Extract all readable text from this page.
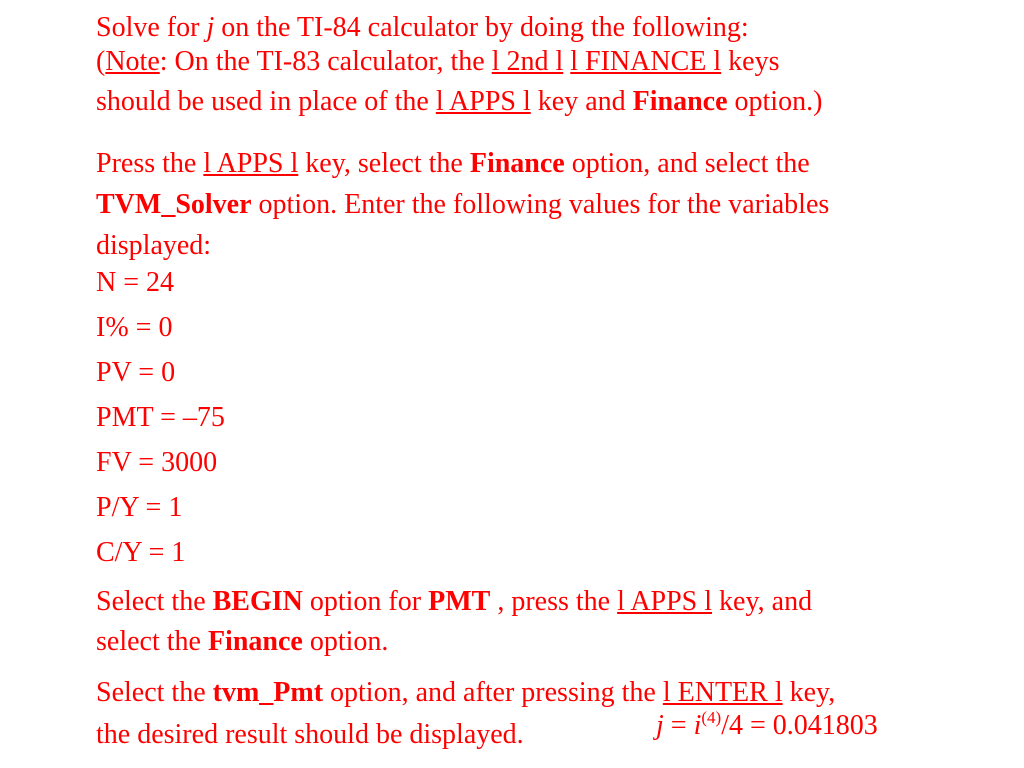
Solve for j on the TI-84 calculator by doing the following:
(Note: On the TI-83 calculator, the l 2nd l l FINANCE l keys
should be used in place of the l APPS l key and Finance option.)
Press the l APPS l key, select the Finance option, and select the
TVM_Solver option. Enter the following values for the variables
displayed:
N = 24
I% = 0
PV = 0
PMT = –75
FV = 3000
P/Y = 1
C/Y = 1
Select the BEGIN option for PMT , press the l APPS l key, and
select the Finance option.
Select the tvm_Pmt option, and after pressing the l ENTER l key,
the desired result should be displayed.	$j = i^{(4)}/4 = 0.041803$
